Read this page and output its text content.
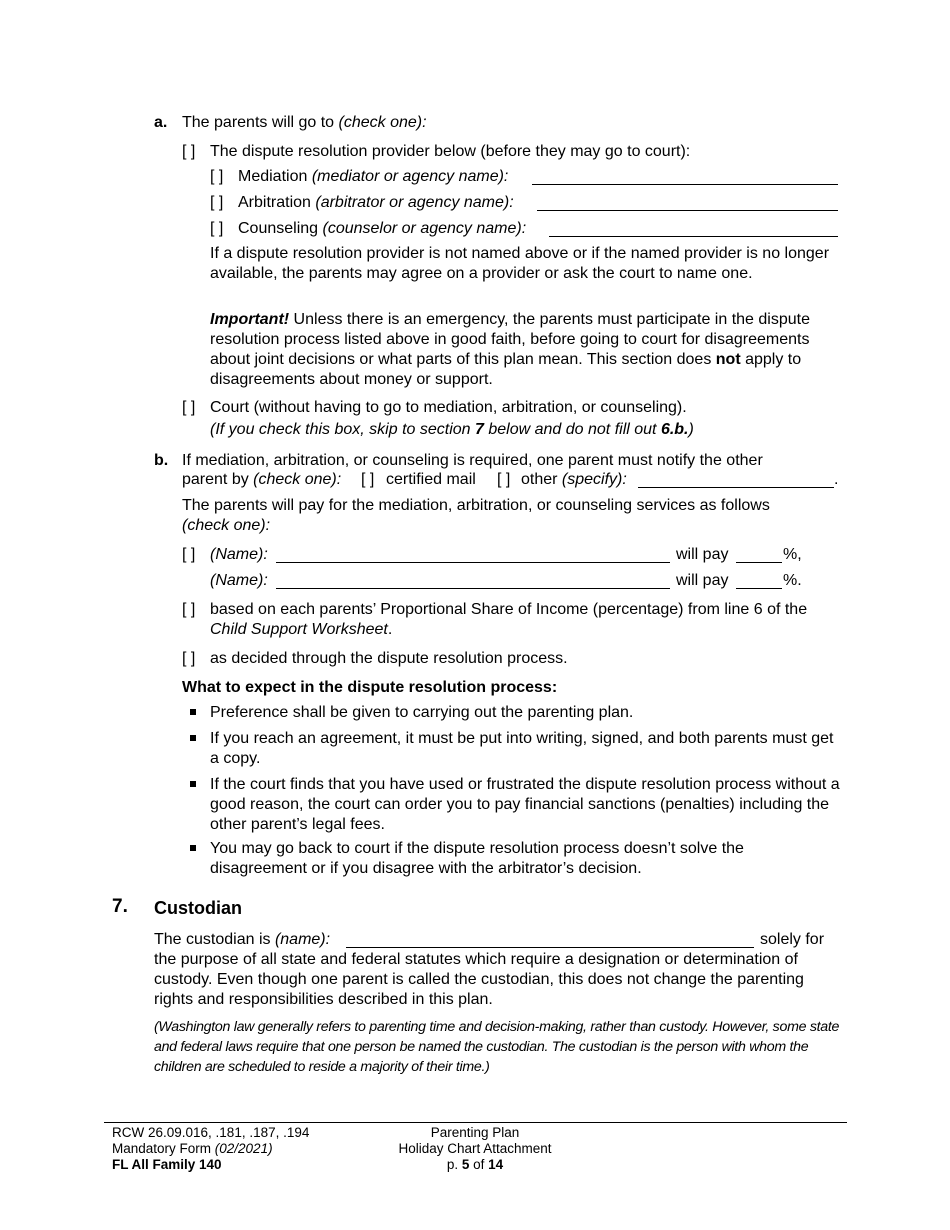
a. The parents will go to (check one):
[ ] The dispute resolution provider below (before they may go to court):
[ ] Mediation (mediator or agency name):
[ ] Arbitration (arbitrator or agency name):
[ ] Counseling (counselor or agency name):
If a dispute resolution provider is not named above or if the named provider is no longer available, the parents may agree on a provider or ask the court to name one.
Important! Unless there is an emergency, the parents must participate in the dispute resolution process listed above in good faith, before going to court for disagreements about joint decisions or what parts of this plan mean. This section does not apply to disagreements about money or support.
[ ] Court (without having to go to mediation, arbitration, or counseling).
(If you check this box, skip to section 7 below and do not fill out 6.b.)
b. If mediation, arbitration, or counseling is required, one parent must notify the other
parent by (check one): [ ] certified mail [ ] other (specify):	.
The parents will pay for the mediation, arbitration, or counseling services as follows
(check one):
[ ] (Name):	will pay	%,
(Name):	will pay	%.
[ ] based on each parents’ Proportional Share of Income (percentage) from line 6 of the
Child Support Worksheet.
[ ] as decided through the dispute resolution process.
What to expect in the dispute resolution process:
Preference shall be given to carrying out the parenting plan.
If you reach an agreement, it must be put into writing, signed, and both parents must get a copy.
If the court finds that you have used or frustrated the dispute resolution process without a good reason, the court can order you to pay financial sanctions (penalties) including the other parent’s legal fees.
You may go back to court if the dispute resolution process doesn’t solve the disagreement or if you disagree with the arbitrator’s decision.
7. Custodian
The custodian is (name):	solely for
the purpose of all state and federal statutes which require a designation or determination of custody. Even though one parent is called the custodian, this does not change the parenting rights and responsibilities described in this plan.
(Washington law generally refers to parenting time and decision-making, rather than custody. However, some state and federal laws require that one person be named the custodian. The custodian is the person with whom the children are scheduled to reside a majority of their time.)
RCW 26.09.016, .181, .187, .194
Mandatory Form (02/2021)
FL All Family 140
Parenting Plan
Holiday Chart Attachment
p. 5 of 14
